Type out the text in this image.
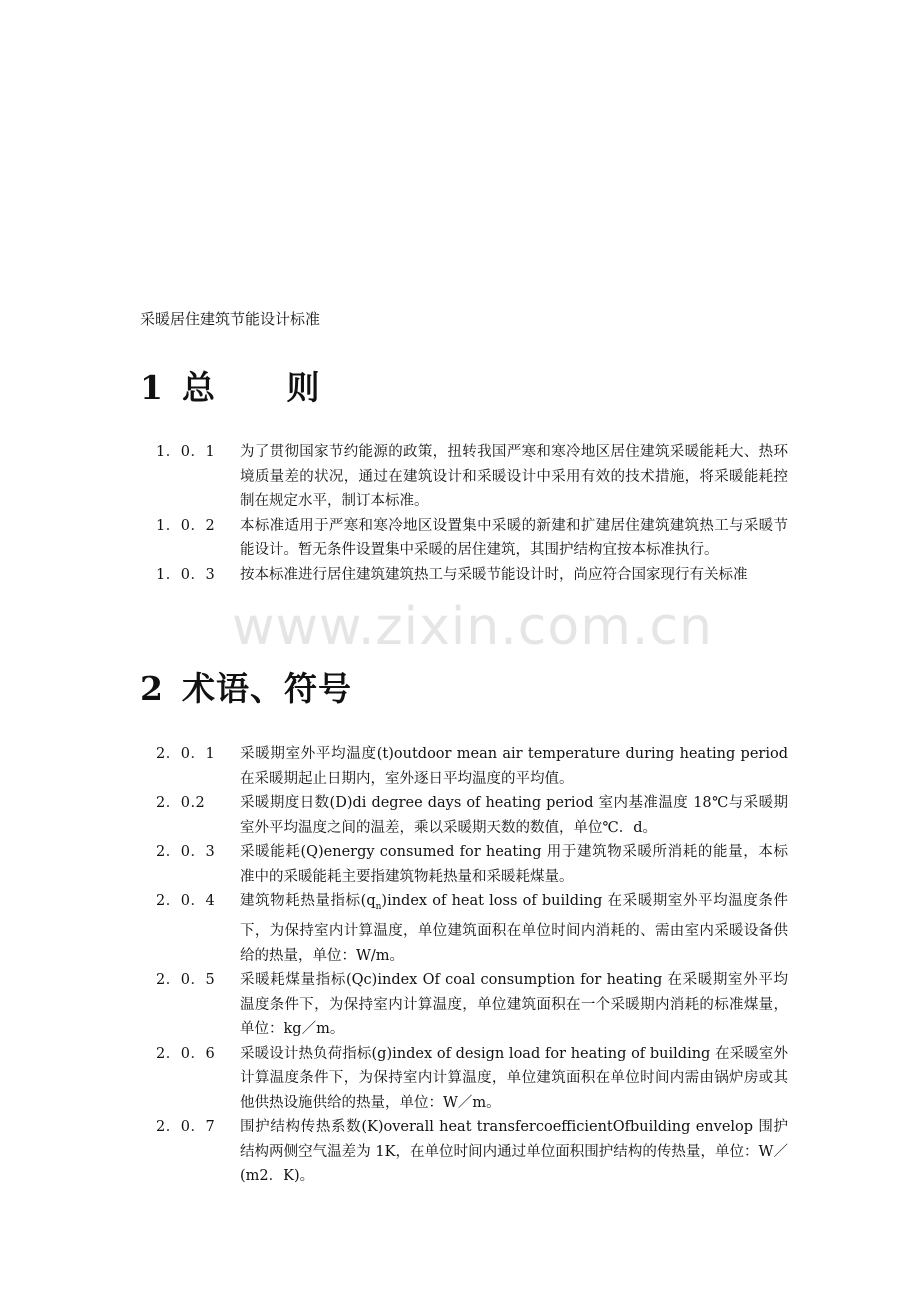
采暖居住建筑节能设计标准
1 总 则
1．0．1	为了贯彻国家节约能源的政策，扭转我国严寒和寒冷地区居住建筑采暖能耗大、热环境质量差的状况，通过在建筑设计和采暖设计中采用有效的技术措施，将采暖能耗控制在规定水平，制订本标准。
1．0．2	本标准适用于严寒和寒冷地区设置集中采暖的新建和扩建居住建筑建筑热工与采暖节能设计。暂无条件设置集中采暖的居住建筑，其围护结构宜按本标准执行。
1．0．3	按本标准进行居住建筑建筑热工与采暖节能设计时，尚应符合国家现行有关标准
www.zixin.com.cn
2 术语、符号
2．0．1	采暖期室外平均温度(t)outdoor mean air temperature during heating period 在采暖期起止日期内，室外逐日平均温度的平均值。
2．0.2	采暖期度日数(D)di degree days of heating period 室内基准温度 18℃与采暖期室外平均温度之间的温差，乘以采暖期天数的数值，单位℃．d。
2．0．3	采暖能耗(Q)energy consumed for heating 用于建筑物采暖所消耗的能量，本标准中的采暖能耗主要指建筑物耗热量和采暖耗煤量。
2．0．4	建筑物耗热量指标$(q_n)index$ of heat loss of building 在采暖期室外平均温度条件下，为保持室内计算温度，单位建筑面积在单位时间内消耗的、需由室内采暖设备供给的热量，单位：W/m。
2．0．5	采暖耗煤量指标(Qc)index Of coal consumption for heating 在采暖期室外平均温度条件下，为保持室内计算温度，单位建筑面积在一个采暖期内消耗的标准煤量，单位：kg／m。
2．0．6	采暖设计热负荷指标(g)index of design load for heating of building 在采暖室外计算温度条件下，为保持室内计算温度，单位建筑面积在单位时间内需由锅炉房或其他供热设施供给的热量，单位：W／m。
2．0．7	围护结构传热系数(K)overall heat transfercoefficientOfbuilding envelop 围护结构两侧空气温差为 1K，在单位时间内通过单位面积围护结构的传热量，单位：W／(m2．K)。
